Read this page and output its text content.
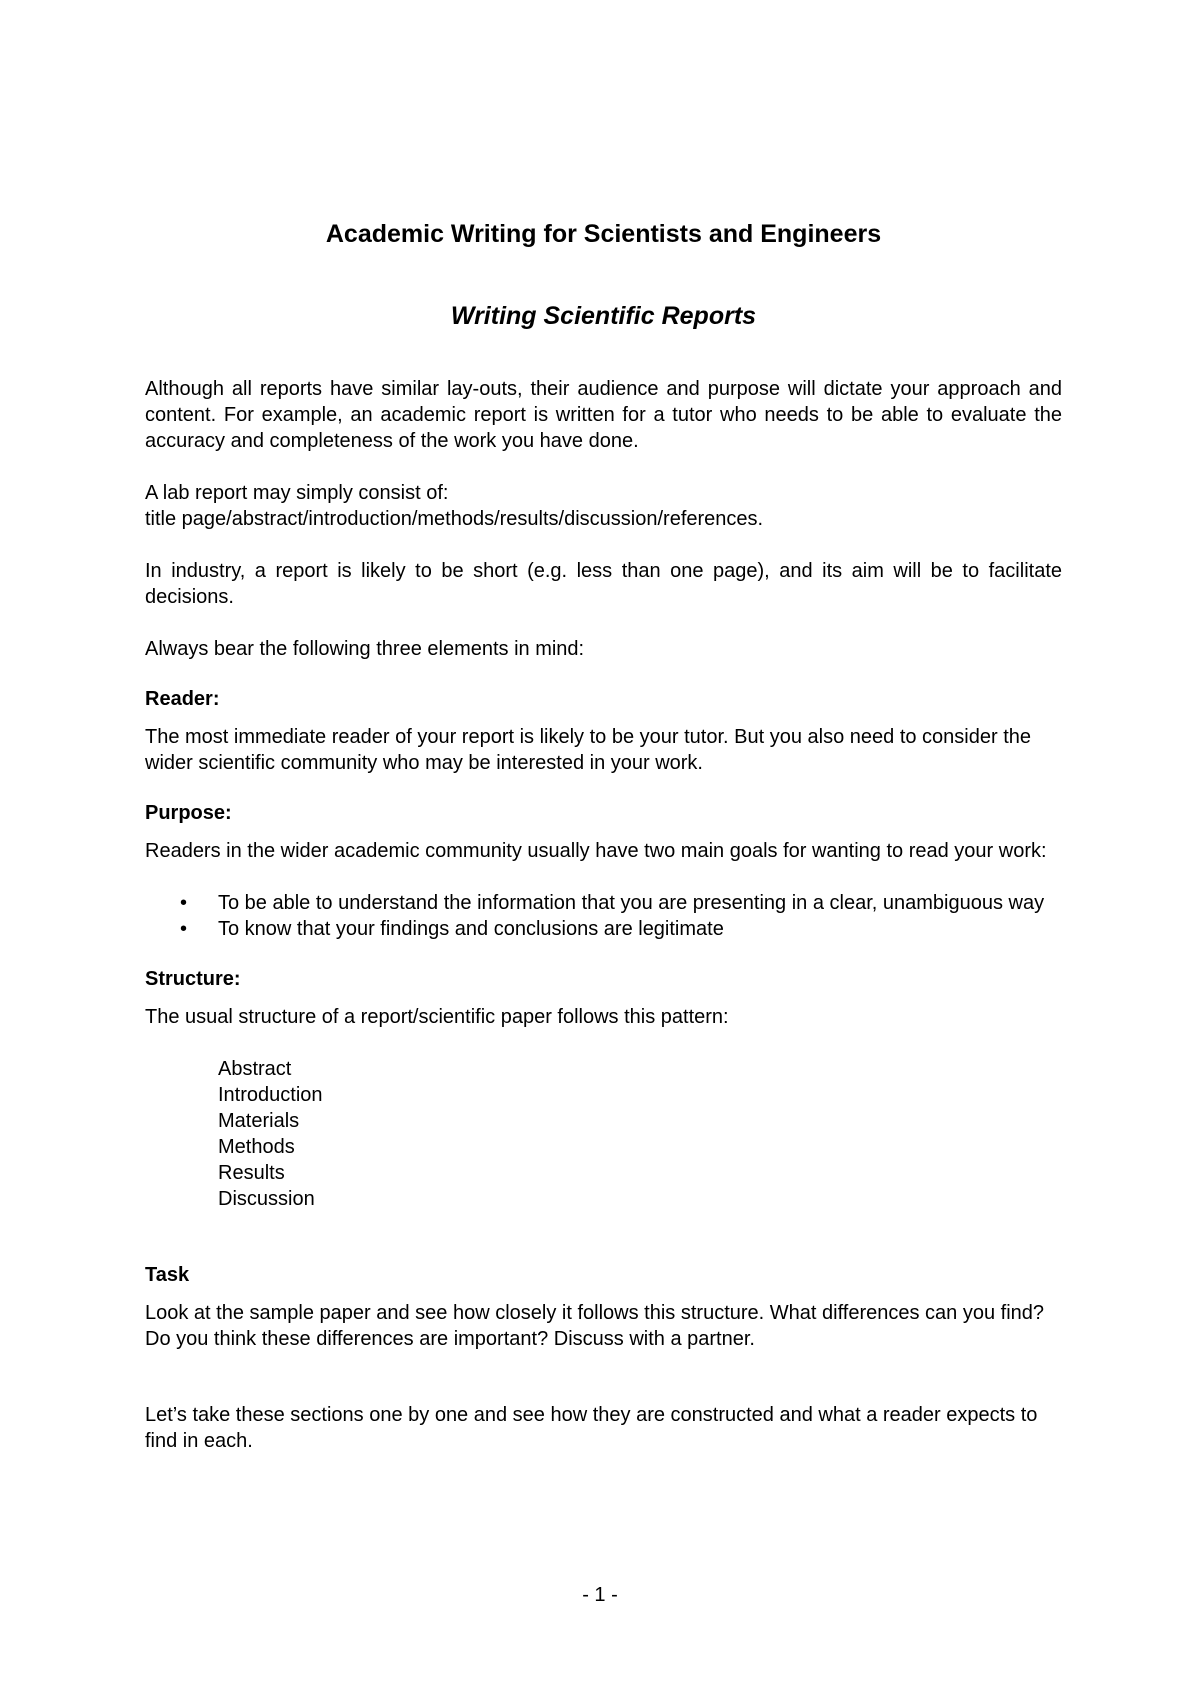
Academic Writing for Scientists and Engineers
Writing Scientific Reports

Although all reports have similar lay-outs, their audience and purpose will dictate your approach and content. For example, an academic report is written for a tutor who needs to be able to evaluate the accuracy and completeness of the work you have done.

A lab report may simply consist of:

title page/abstract/introduction/methods/results/discussion/references.

In industry, a report is likely to be short (e.g. less than one page), and its aim will be to facilitate decisions.

Always bear the following three elements in mind:

Reader:

The most immediate reader of your report is likely to be your tutor. But you also need to consider the wider scientific community who may be interested in your work.

Purpose:

Readers in the wider academic community usually have two main goals for wanting to read your work:

• To be able to understand the information that you are presenting in a clear, unambiguous way
• To know that your findings and conclusions are legitimate

Structure:

The usual structure of a report/scientific paper follows this pattern:

Abstract
Introduction
Materials
Methods
Results
Discussion

Task

Look at the sample paper and see how closely it follows this structure. What differences can you find? Do you think these differences are important? Discuss with a partner.

Let’s take these sections one by one and see how they are constructed and what a reader expects to find in each.

- 1 -
